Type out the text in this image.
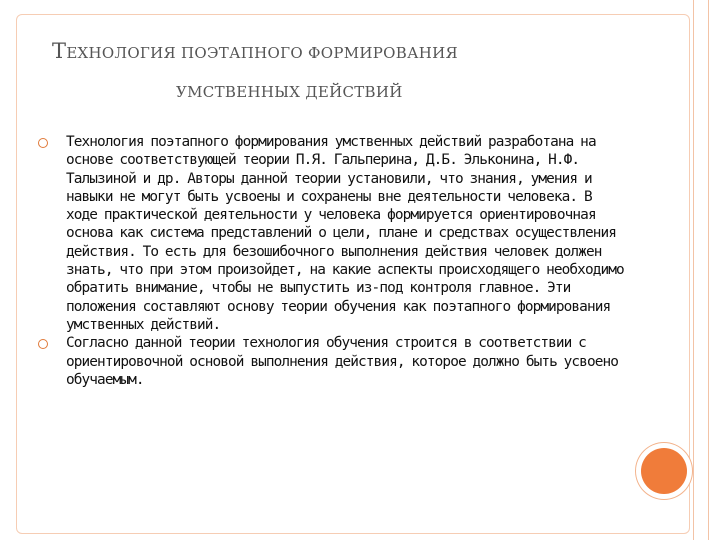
ТЕХНОЛОГИЯ ПОЭТАПНОГО ФОРМИРОВАНИЯ
УМСТВЕННЫХ ДЕЙСТВИЙ
Технология поэтапного формирования умственных действий разработана на основе соответствующей теории П.Я. Гальперина, Д.Б. Эльконина, Н.Ф. Талызиной и др. Авторы данной теории установили, что знания, умения и навыки не могут быть усвоены и сохранены вне деятельности человека. В ходе практической деятельности у человека формируется ориентировочная основа как система представлений о цели, плане и средствах осуществления действия. То есть для безошибочного выполнения действия человек должен знать, что при этом произойдет, на какие аспекты происходящего необходимо обратить внимание, чтобы не выпустить из-под контроля главное. Эти положения составляют основу теории обучения как поэтапного формирования умственных действий.
Согласно данной теории технология обучения строится в соответствии с ориентировочной основой выполнения действия, которое должно быть усвоено обучаемым.
